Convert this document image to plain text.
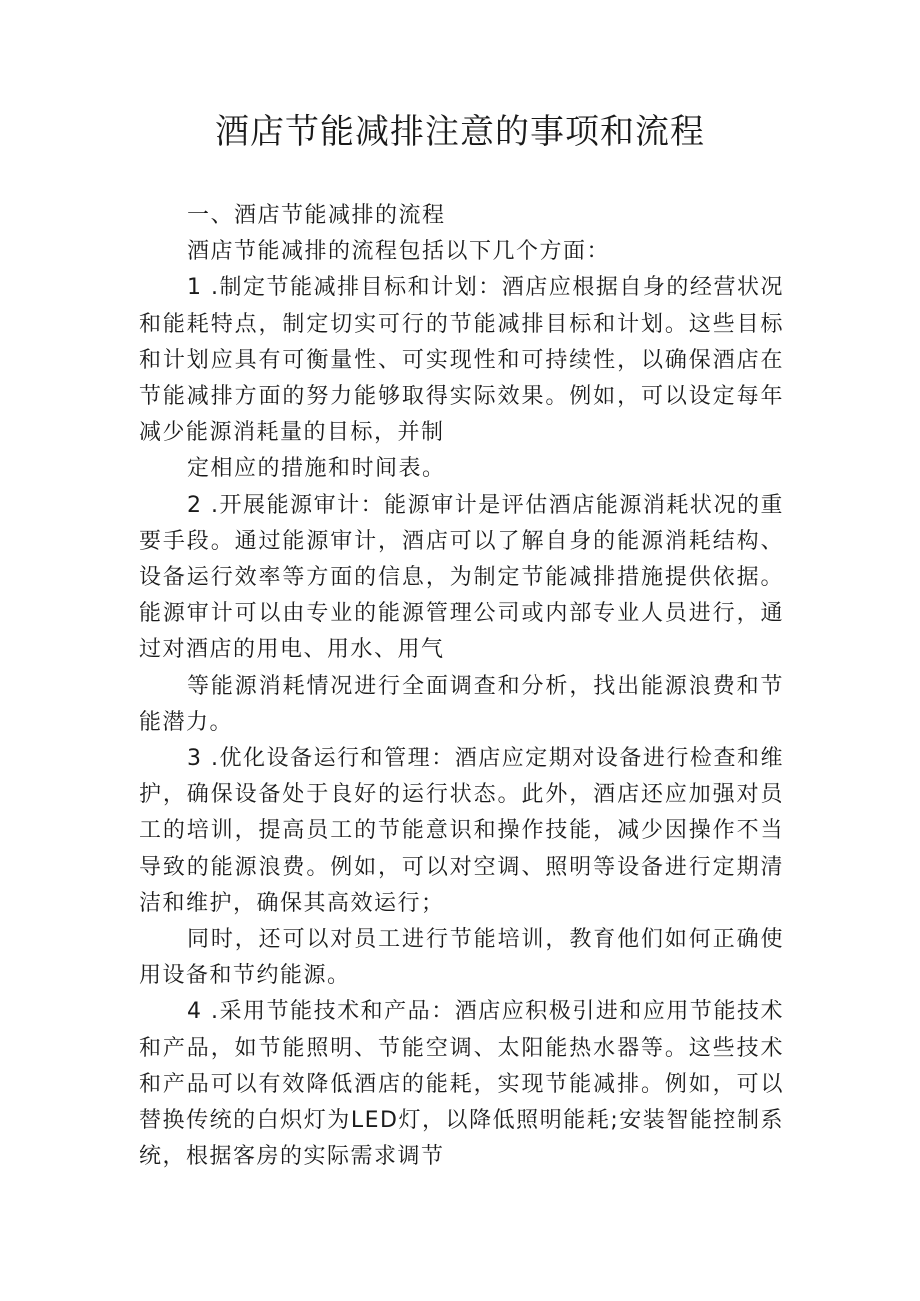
酒店节能减排注意的事项和流程

一、酒店节能减排的流程

酒店节能减排的流程包括以下几个方面：

1 .制定节能减排目标和计划：酒店应根据自身的经营状况和能耗特点，制定切实可行的节能减排目标和计划。这些目标和计划应具有可衡量性、可实现性和可持续性，以确保酒店在节能减排方面的努力能够取得实际效果。例如，可以设定每年减少能源消耗量的目标，并制

定相应的措施和时间表。

2 .开展能源审计：能源审计是评估酒店能源消耗状况的重要手段。通过能源审计，酒店可以了解自身的能源消耗结构、设备运行效率等方面的信息，为制定节能减排措施提供依据。能源审计可以由专业的能源管理公司或内部专业人员进行，通过对酒店的用电、用水、用气

等能源消耗情况进行全面调查和分析，找出能源浪费和节能潜力。

3 .优化设备运行和管理：酒店应定期对设备进行检查和维护，确保设备处于良好的运行状态。此外，酒店还应加强对员工的培训，提高员工的节能意识和操作技能，减少因操作不当导致的能源浪费。例如，可以对空调、照明等设备进行定期清洁和维护，确保其高效运行；

同时，还可以对员工进行节能培训，教育他们如何正确使用设备和节约能源。

4 .采用节能技术和产品：酒店应积极引进和应用节能技术和产品，如节能照明、节能空调、太阳能热水器等。这些技术和产品可以有效降低酒店的能耗，实现节能减排。例如，可以替换传统的白炽灯为LED灯，以降低照明能耗;安装智能控制系统，根据客房的实际需求调节
